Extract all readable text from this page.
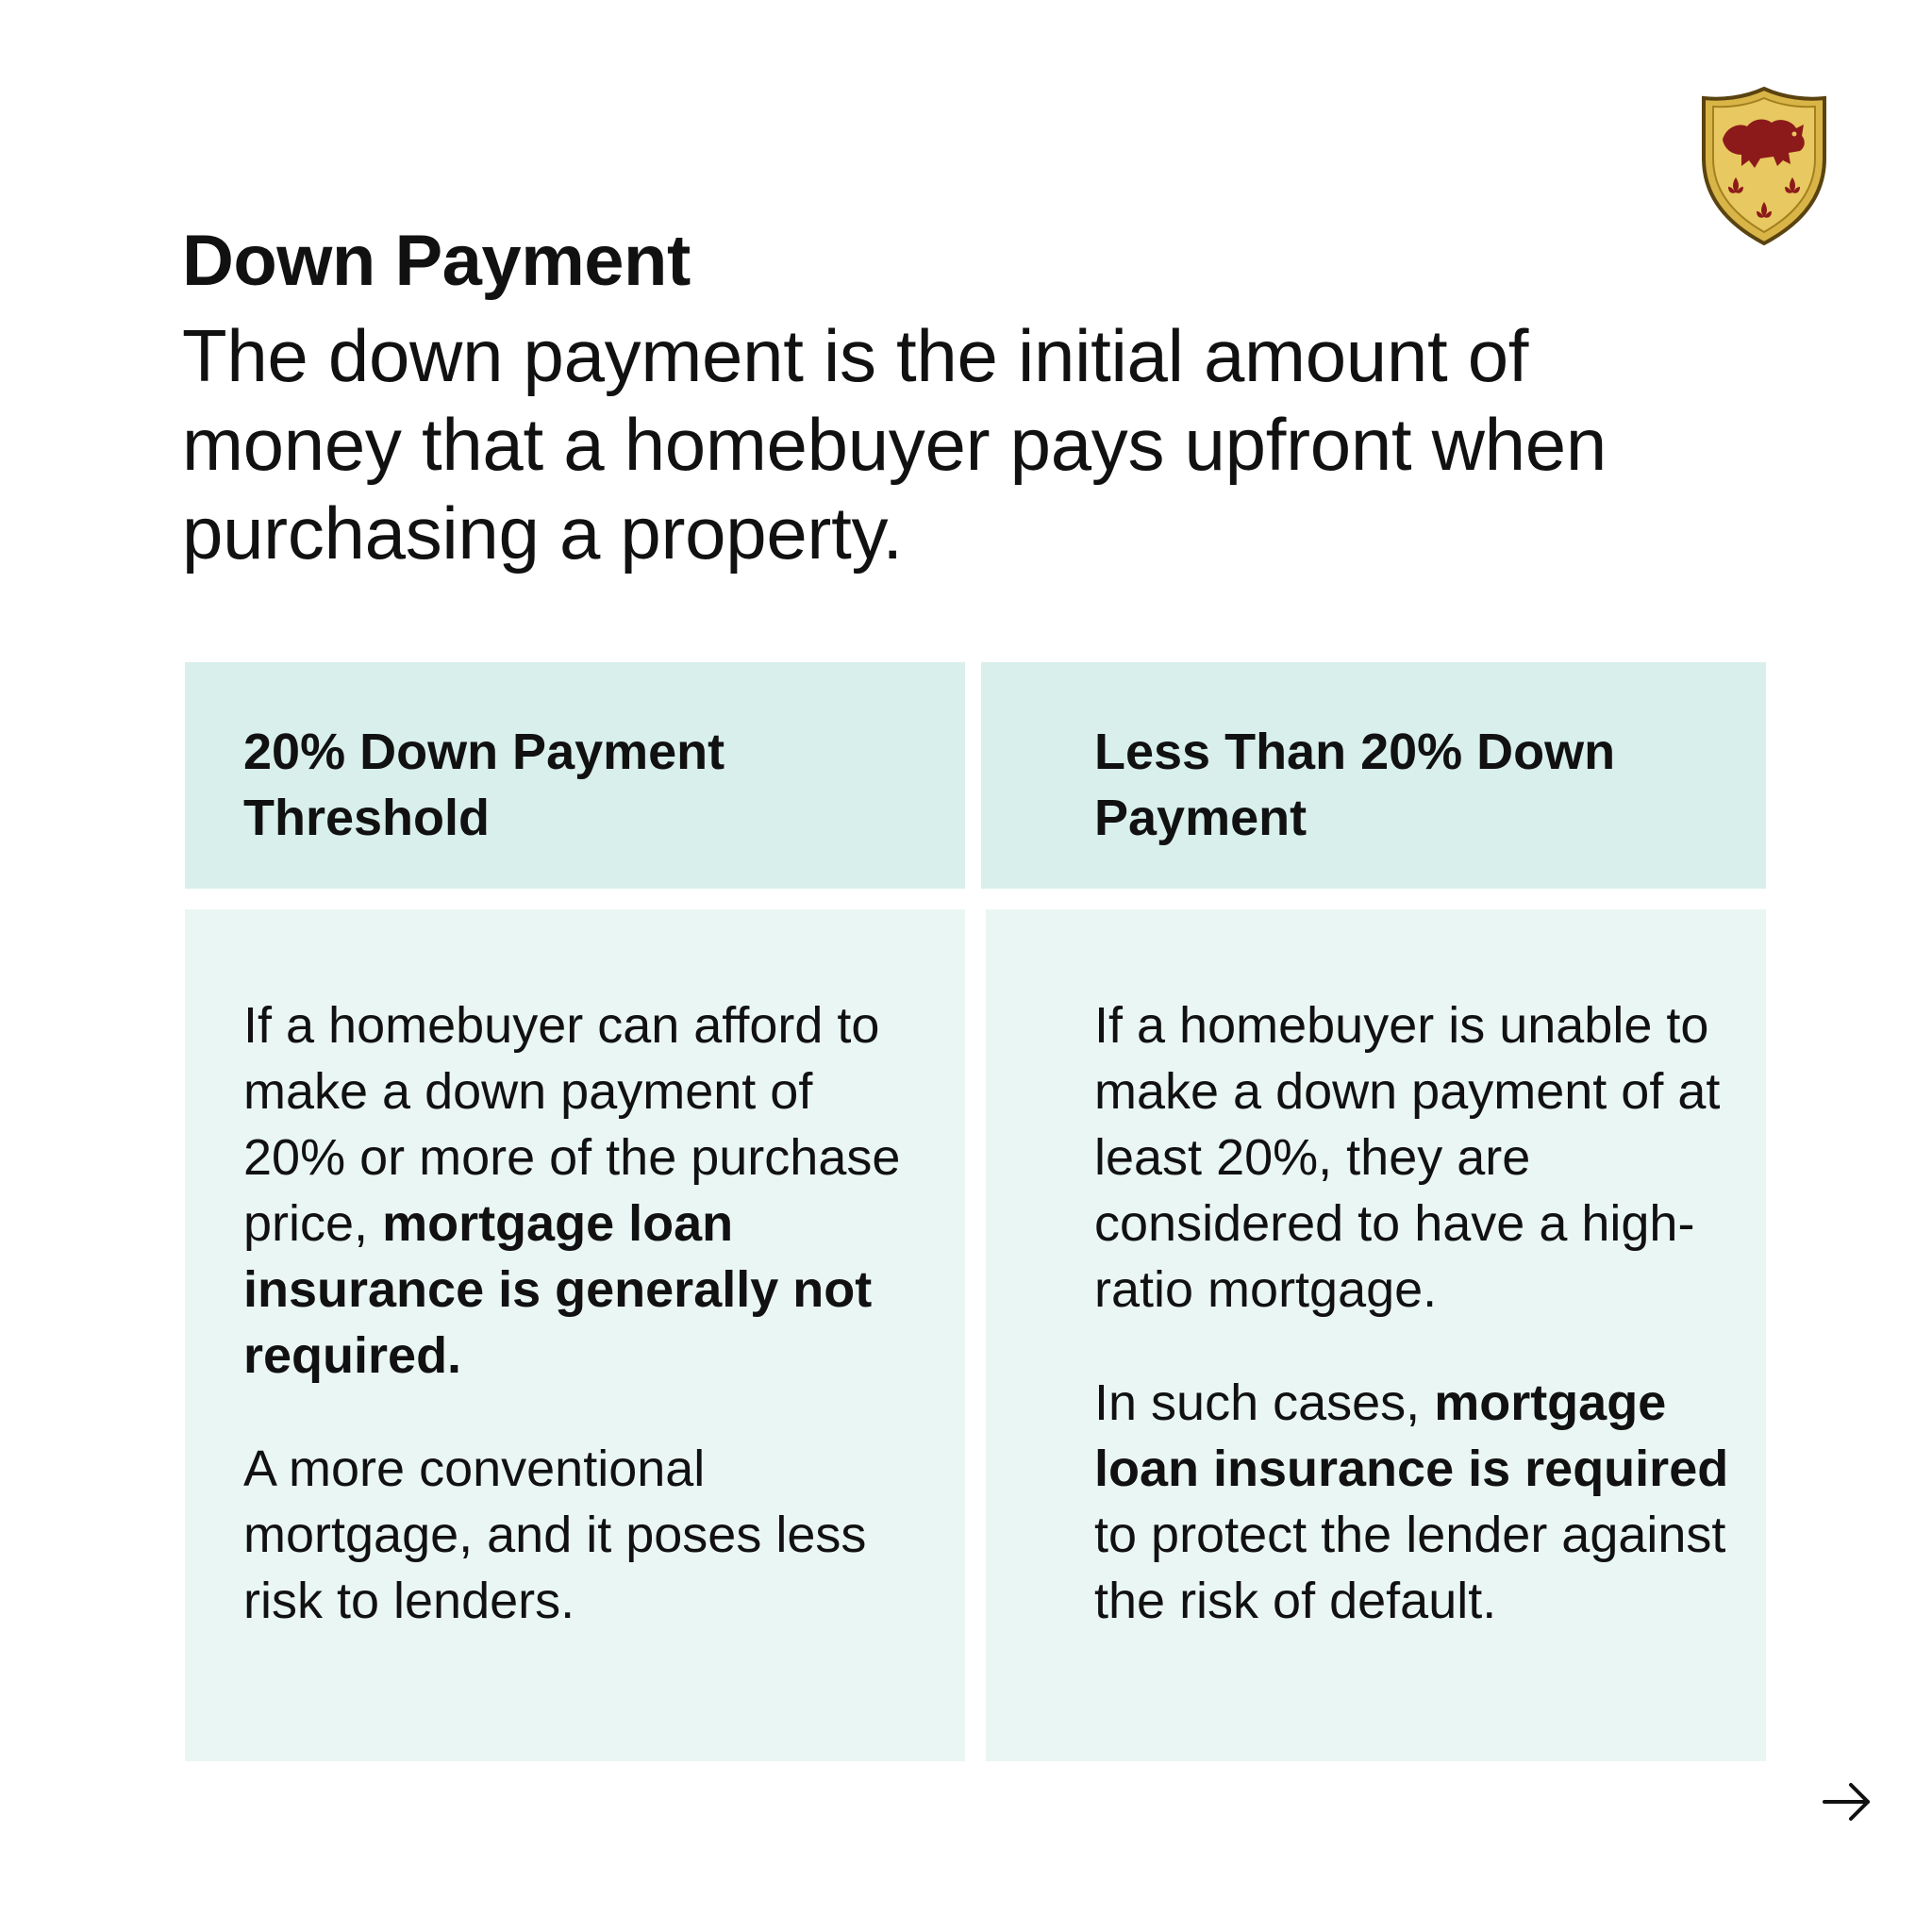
Down Payment

The down payment is the initial amount of money that a homebuyer pays upfront when purchasing a property.

20% Down Payment Threshold

Less Than 20% Down Payment

If a homebuyer can afford to make a down payment of 20% or more of the purchase price, mortgage loan insurance is generally not required.

A more conventional mortgage, and it poses less risk to lenders.

If a homebuyer is unable to make a down payment of at least 20%, they are considered to have a high-ratio mortgage.

In such cases, mortgage loan insurance is required to protect the lender against the risk of default.
